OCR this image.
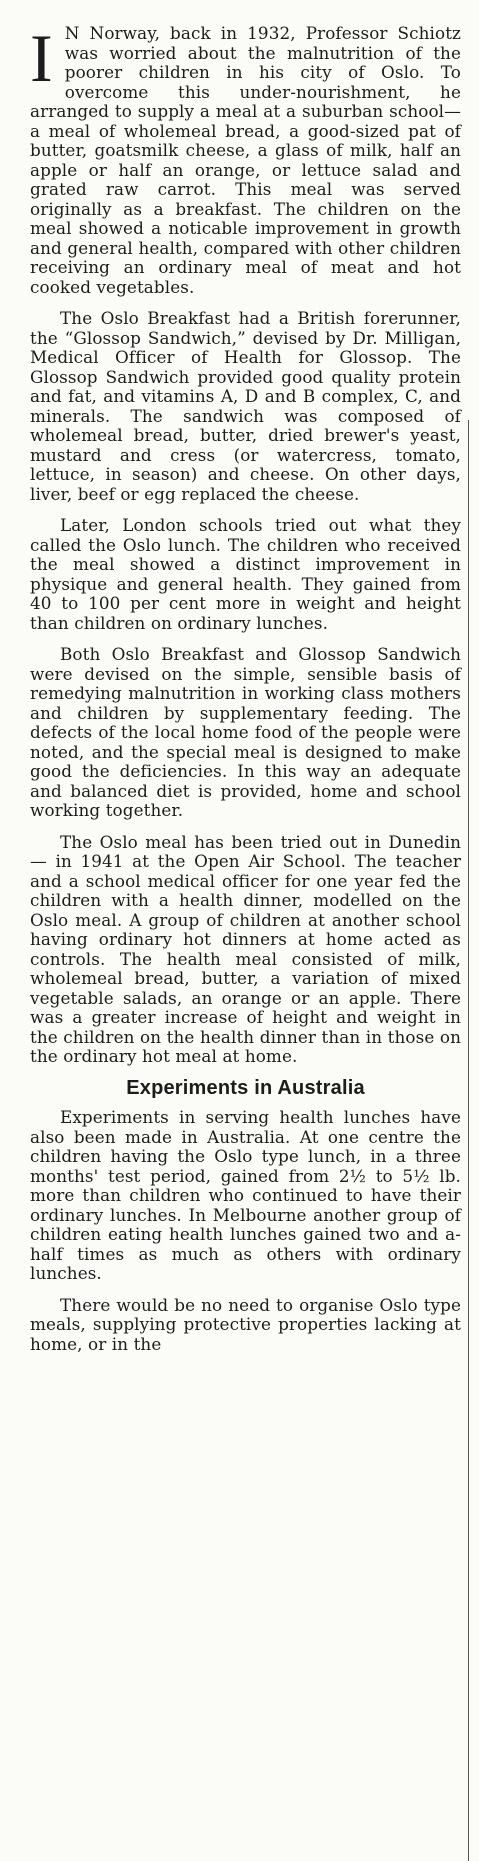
I N Norway, back in 1932, Professor Schiotz was worried about the malnutrition of the poorer children in his city of Oslo. To overcome this under-nourishment, he arranged to supply a meal at a suburban school—a meal of wholemeal bread, a good-sized pat of butter, goatsmilk cheese, a glass of milk, half an apple or half an orange, or lettuce salad and grated raw carrot. This meal was served originally as a breakfast. The children on the meal showed a noticable improvement in growth and general health, compared with other children receiving an ordinary meal of meat and hot cooked vegetables.

The Oslo Breakfast had a British forerunner, the “Glossop Sandwich,” devised by Dr. Milligan, Medical Officer of Health for Glossop. The Glossop Sandwich provided good quality protein and fat, and vitamins A, D and B complex, C, and minerals. The sandwich was composed of wholemeal bread, butter, dried brewer's yeast, mustard and cress (or watercress, tomato, lettuce, in season) and cheese. On other days, liver, beef or egg replaced the cheese.

Later, London schools tried out what they called the Oslo lunch. The children who received the meal showed a distinct improvement in physique and general health. They gained from 40 to 100 per cent more in weight and height than children on ordinary lunches.

Both Oslo Breakfast and Glossop Sandwich were devised on the simple, sensible basis of remedying malnutrition in working class mothers and children by supplementary feeding. The defects of the local home food of the people were noted, and the special meal is designed to make good the deficiencies. In this way an adequate and balanced diet is provided, home and school working together.

The Oslo meal has been tried out in Dunedin — in 1941 at the Open Air School. The teacher and a school medical officer for one year fed the children with a health dinner, modelled on the Oslo meal. A group of children at another school having ordinary hot dinners at home acted as controls. The health meal consisted of milk, wholemeal bread, butter, a variation of mixed vegetable salads, an orange or an apple. There was a greater increase of height and weight in the children on the health dinner than in those on the ordinary hot meal at home.

Experiments in Australia

Experiments in serving health lunches have also been made in Australia. At one centre the children having the Oslo type lunch, in a three months' test period, gained from 2½ to 5½ lb. more than children who continued to have their ordinary lunches. In Melbourne another group of children eating health lunches gained two and a-half times as much as others with ordinary lunches.

There would be no need to organise Oslo type meals, supplying protective properties lacking at home, or in the
